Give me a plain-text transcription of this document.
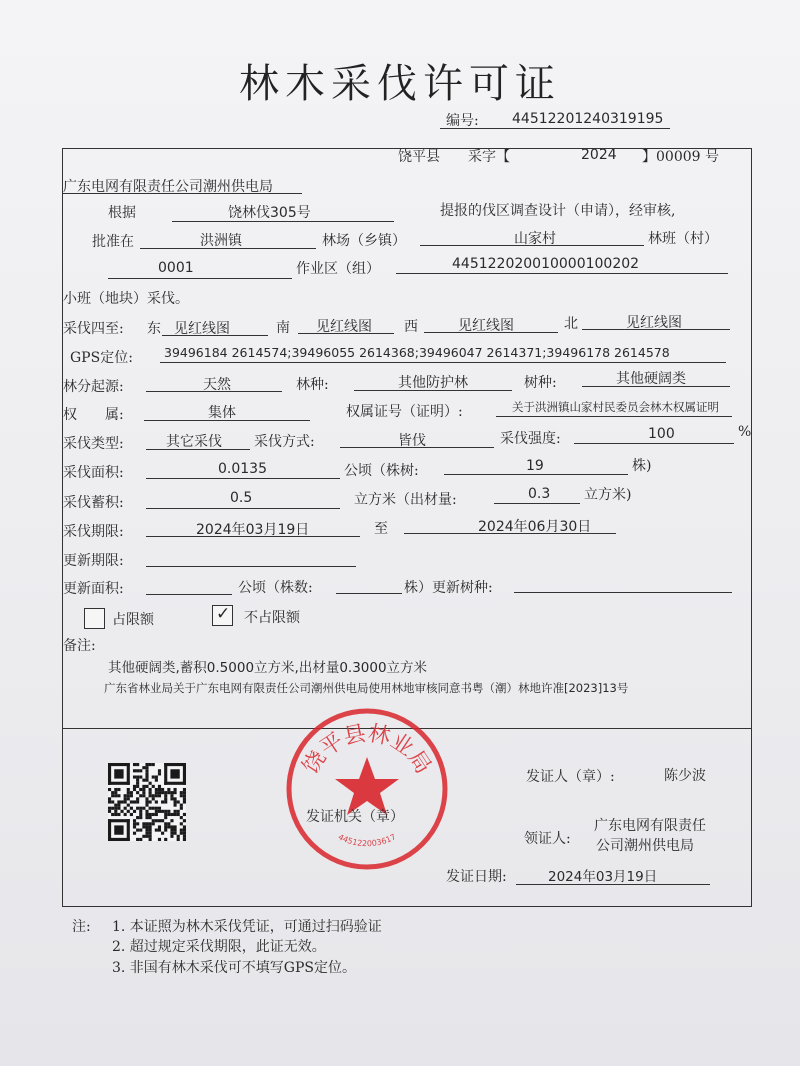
林木采伐许可证
编号: 445122012403191​95
饶平县 采字【	2024 】00009 号
广东电网有限责任公司潮州供电局
根据	饶林伐305号	提报的伐区调查设计（申请），经审核,
批准在	洪洲镇	林场（乡镇）	山家村	林班（村）
0001	作业区（组）	445122020010000100202
小班（地块）采伐。
采伐四至: 东 见红线图	南 见红线图 西	见红线图	北	见红线图
GPS定位: 39496184 2614574;39496055 2614368;39496047 2614371;39496178 2614578
林分起源:	天然	林种:	其他防护林	树种:	其他硬阔类
权　　属:	集体	权属证号（证明）:	关于洪洲镇山家村民委员会林木权属证明
采伐类型:	其它采伐 采伐方式:	皆伐	采伐强度:	100	%
采伐面积:	0.0135	公顷（株树:	19	株)
采伐蓄积:	0.5	立方米（出材量:	0.3 立方米)
采伐期限:	2024年03月19日	至	2024年06月30日
更新期限:
更新面积:	公顷（株数:	株）更新树种:
占限额	✓ 不占限额
备注:
其他硬阔类,蓄积0.5000立方米,出材量0.3000立方米
广东省林业局关于广东电网有限责任公司潮州供电局使用林地审核同意书粤（潮）林地许准[2023]13号
饶平县林业局
445122003617
发证机关（章）
发证人（章）:	陈少波
领证人:
广东电网有限责任
公司潮州供电局
发证日期:	2024年03月19日
注: 1. 本证照为林木采伐凭证，可通过扫码验证
2. 超过规定采伐期限，此证无效。
3. 非国有林木采伐可不填写GPS定位。
